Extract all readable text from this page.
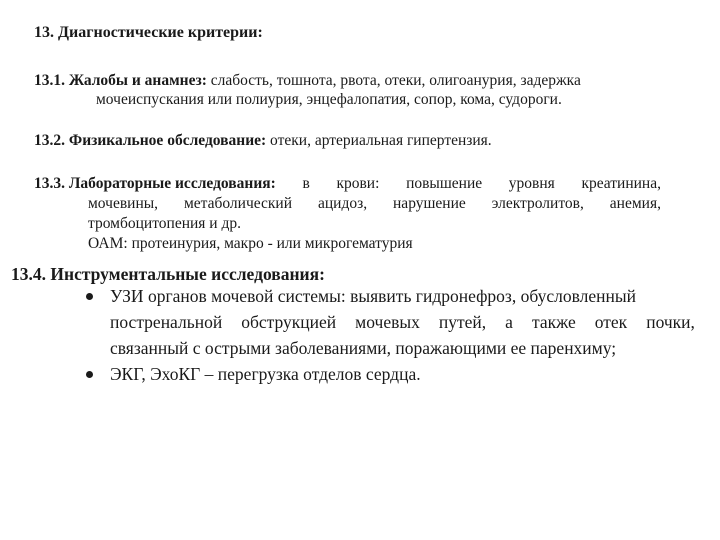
13. Диагностические критерии:
13.1. Жалобы и анамнез: слабость, тошнота, рвота, отеки, олигоанурия, задержка
мочеиспускания или полиурия, энцефалопатия, сопор, кома, судороги.
13.2. Физикальное обследование: отеки, артериальная гипертензия.
13.3. Лабораторные исследования: в крови: повышение уровня креатинина,
мочевины, метаболический ацидоз, нарушение электролитов, анемия,
тромбоцитопения и др.
ОАМ: протеинурия, макро - или микрогематурия
13.4. Инструментальные исследования:
УЗИ органов мочевой системы: выявить гидронефроз, обусловленный
постренальной обструкцией мочевых путей, а также отек почки,
связанный с острыми заболеваниями, поражающими ее паренхиму;
ЭКГ, ЭхоКГ – перегрузка отделов сердца.
